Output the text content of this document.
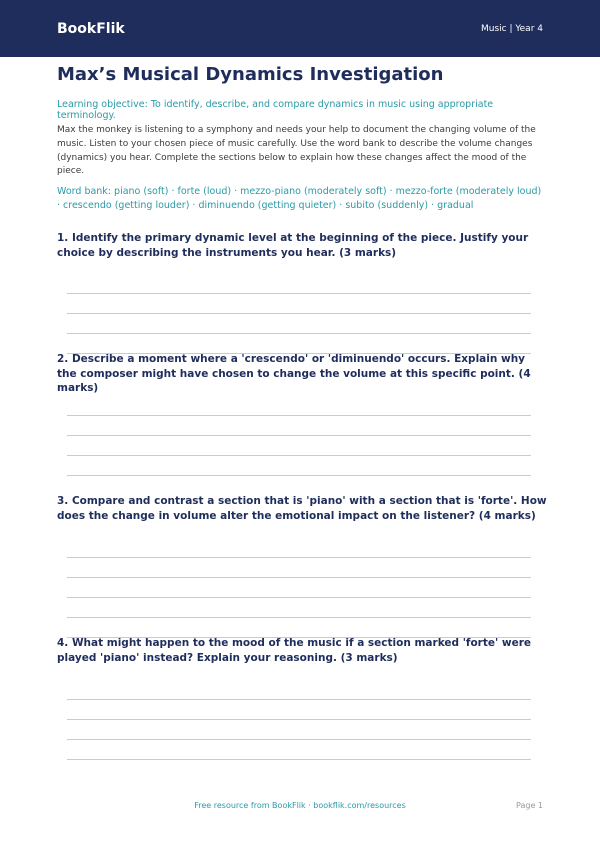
BookFlik	Music | Year 4
Max’s Musical Dynamics Investigation
Learning objective: To identify, describe, and compare dynamics in music using appropriate terminology.
Max the monkey is listening to a symphony and needs your help to document the changing volume of the music. Listen to your chosen piece of music carefully. Use the word bank to describe the volume changes (dynamics) you hear. Complete the sections below to explain how these changes affect the mood of the piece.
Word bank: piano (soft) · forte (loud) · mezzo-piano (moderately soft) · mezzo-forte (moderately loud) · crescendo (getting louder) · diminuendo (getting quieter) · subito (suddenly) · gradual
1. Identify the primary dynamic level at the beginning of the piece. Justify your choice by describing the instruments you hear. (3 marks)
2. Describe a moment where a 'crescendo' or 'diminuendo' occurs. Explain why the composer might have chosen to change the volume at this specific point. (4 marks)
3. Compare and contrast a section that is 'piano' with a section that is 'forte'. How does the change in volume alter the emotional impact on the listener? (4 marks)
4. What might happen to the mood of the music if a section marked 'forte' were played 'piano' instead? Explain your reasoning. (3 marks)
Free resource from BookFlik · bookflik.com/resources	Page 1
